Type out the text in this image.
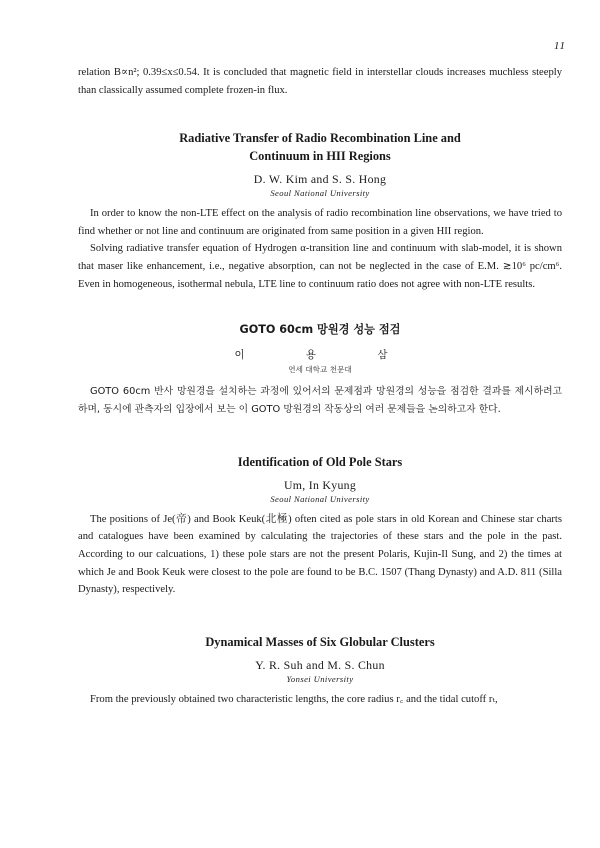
11

relation B∝n²; 0.39≤x≤0.54. It is concluded that magnetic field in interstellar clouds increases muchless steeply than classically assumed complete frozen-in flux.

Radiative Transfer of Radio Recombination Line and

Continuum in HII Regions

D. W. Kim and S. S. Hong

Seoul National University

In order to know the non-LTE effect on the analysis of radio recombination line observations, we have tried to find whether or not line and continuum are originated from same position in a given HII region.

Solving radiative transfer equation of Hydrogen α-transition line and continuum with slab-model, it is shown that maser like enhancement, i.e., negative absorption, can not be neglected in the case of E.M. ≳10⁶ pc/cm⁶. Even in homogeneous, isothermal nebula, LTE line to continuum ratio does not agree with non-LTE results.

GOTO 60cm 망원경 성능 점검

이 용 삼

연세 대학교 천문대

GOTO 60cm 반사 망원경을 설치하는 과정에 있어서의 문제점과 망원경의 성능을 점검한 결과를 제시하려고 하며, 동시에 관측자의 입장에서 보는 이 GOTO 망원경의 작동상의 여러 문제들을 논의하고자 한다.

Identification of Old Pole Stars

Um, In Kyung

Seoul National University

The positions of Je(帝) and Book Keuk(北極) often cited as pole stars in old Korean and Chinese star charts and catalogues have been examined by calculating the trajectories of these stars and the pole in the past. According to our calcuations, 1) these pole stars are not the present Polaris, Kujin-Il Sung, and 2) the times at which Je and Book Keuk were closest to the pole are found to be B.C. 1507 (Thang Dynasty) and A.D. 811 (Silla Dynasty), respectively.

Dynamical Masses of Six Globular Clusters

Y. R. Suh and M. S. Chun

Yonsei University

From the previously obtained two characteristic lengths, the core radius r꜀ and the tidal cutoff rₜ,
